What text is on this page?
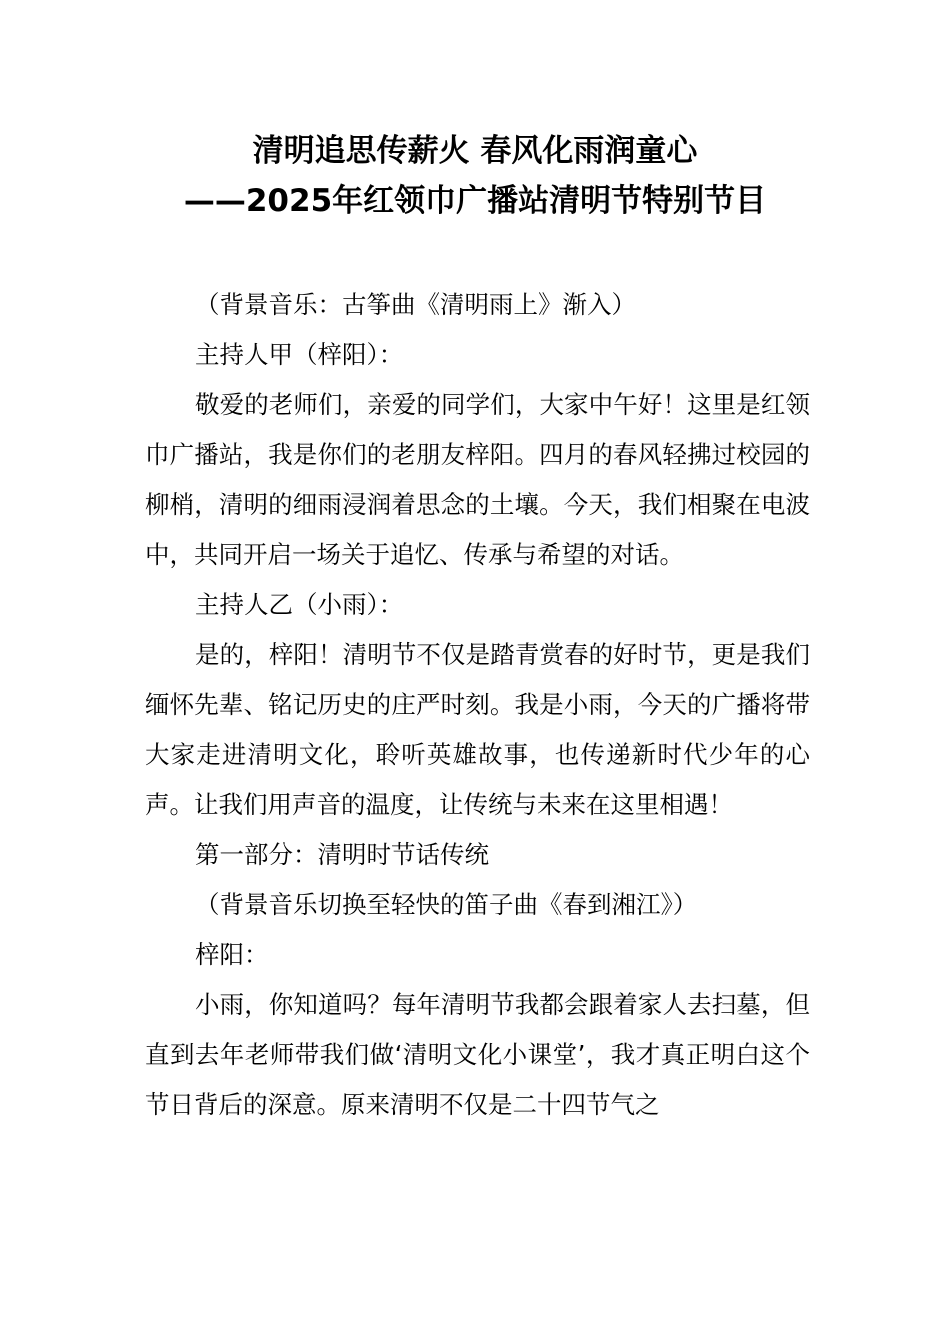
清明追思传薪火 春风化雨润童心
——2025年红领巾广播站清明节特别节目

（背景音乐：古筝曲《清明雨上》渐入）

主持人甲（梓阳）：

敬爱的老师们，亲爱的同学们，大家中午好！这里是红领巾广播站，我是你们的老朋友梓阳。四月的春风轻拂过校园的柳梢，清明的细雨浸润着思念的土壤。今天，我们相聚在电波中，共同开启一场关于追忆、传承与希望的对话。

主持人乙（小雨）：

是的，梓阳！清明节不仅是踏青赏春的好时节，更是我们缅怀先辈、铭记历史的庄严时刻。我是小雨，今天的广播将带大家走进清明文化，聆听英雄故事，也传递新时代少年的心声。让我们用声音的温度，让传统与未来在这里相遇！

第一部分：清明时节话传统

（背景音乐切换至轻快的笛子曲《春到湘江》）

梓阳：

小雨，你知道吗？每年清明节我都会跟着家人去扫墓，但直到去年老师带我们做‘清明文化小课堂’，我才真正明白这个节日背后的深意。原来清明不仅是二十四节气之
